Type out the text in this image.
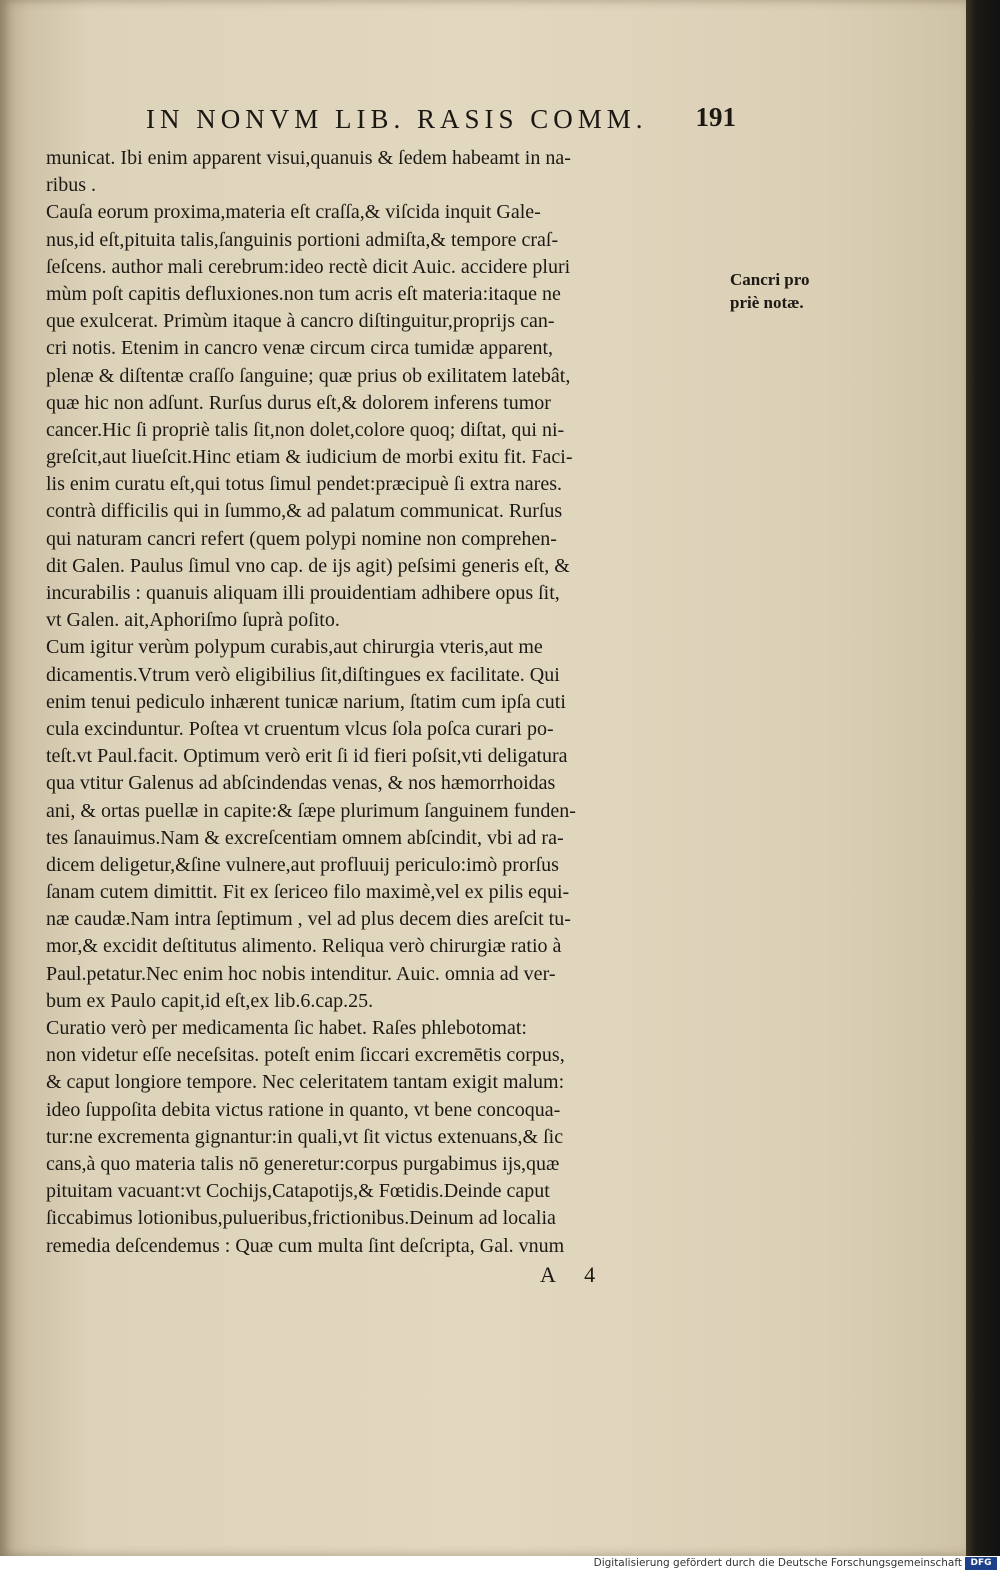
IN NONVM LIB. RASIS COMM. 191
municat. Ibi enim apparent visui,quanuis & ſedem habeamt in na-
ribus .
Cauſa eorum proxima,materia eſt craſſa,& viſcida inquit Gale-
nus,id eſt,pituita talis,ſanguinis portioni admiſta,& tempore craſ-
ſeſcens. author mali cerebrum:ideo rectè dicit Auic. accidere pluri
mùm poſt capitis defluxiones.non tum acris eſt materia:itaque ne
que exulcerat. Primùm itaque à cancro diſtinguitur,proprijs can-
cri notis. Etenim in cancro venæ circum circa tumidæ apparent,
plenæ & diſtentæ craſſo ſanguine; quæ prius ob exilitatem latebât,
quæ hic non adſunt. Rurſus durus eſt,& dolorem inferens tumor
cancer.Hic ſi propriè talis ſit,non dolet,colore quoq; diſtat, qui ni-
greſcit,aut liueſcit.Hinc etiam & iudicium de morbi exitu fit. Faci-
lis enim curatu eſt,qui totus ſimul pendet:præcipuè ſi extra nares.
contrà difficilis qui in ſummo,& ad palatum communicat. Rurſus
qui naturam cancri refert (quem polypi nomine non comprehen-
dit Galen. Paulus ſimul vno cap. de ijs agit) peſsimi generis eſt, &
incurabilis : quanuis aliquam illi prouidentiam adhibere opus ſit,
vt Galen. ait,Aphoriſmo ſuprà poſito.
Cum igitur verùm polypum curabis,aut chirurgia vteris,aut me
dicamentis.Vtrum verò eligibilius ſit,diſtingues ex facilitate. Qui
enim tenui pediculo inhærent tunicæ narium, ſtatim cum ipſa cuti
cula excinduntur. Poſtea vt cruentum vlcus ſola poſca curari po-
teſt.vt Paul.facit. Optimum verò erit ſi id fieri poſsit,vti deligatura
qua vtitur Galenus ad abſcindendas venas, & nos hæmorrhoidas
ani, & ortas puellæ in capite:& ſæpe plurimum ſanguinem funden-
tes ſanauimus.Nam & excreſcentiam omnem abſcindit, vbi ad ra-
dicem deligetur,&ſine vulnere,aut profluuij periculo:imò prorſus
ſanam cutem dimittit. Fit ex ſericeo filo maximè,vel ex pilis equi-
næ caudæ.Nam intra ſeptimum , vel ad plus decem dies areſcit tu-
mor,& excidit deſtitutus alimento. Reliqua verò chirurgiæ ratio à
Paul.petatur.Nec enim hoc nobis intenditur. Auic. omnia ad ver-
bum ex Paulo capit,id eſt,ex lib.6.cap.25.
Curatio verò per medicamenta ſic habet. Raſes phlebotomat:
non videtur eſſe neceſsitas. poteſt enim ſiccari excremētis corpus,
& caput longiore tempore. Nec celeritatem tantam exigit malum:
ideo ſuppoſita debita victus ratione in quanto, vt bene concoqua-
tur:ne excrementa gignantur:in quali,vt ſit victus extenuans,& ſic
cans,à quo materia talis nō generetur:corpus purgabimus ijs,quæ
pituitam vacuant:vt Cochijs,Catapotijs,& Fœtidis.Deinde caput
ſiccabimus lotionibus,pulueribus,frictionibus.Deinum ad localia
remedia deſcendemus : Quæ cum multa ſint deſcripta, Gal. vnum
Cancri pro
priè notæ.
A 4
Digitalisierung gefördert durch die Deutsche Forschungsgemeinschaft DFG
